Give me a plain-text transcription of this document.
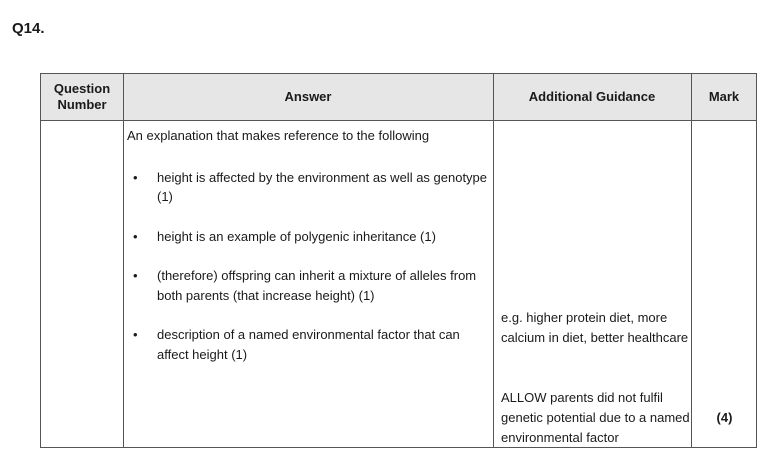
Q14.
Question Number
Answer	Additional Guidance	Mark
An explanation that makes reference to the following
• height is affected by the environment as well as genotype (1)
• height is an example of polygenic inheritance (1)
• (therefore) offspring can inherit a mixture of alleles from both parents (that increase height) (1)
• description of a named environmental factor that can affect height (1)
e.g. higher protein diet, more calcium in diet, better healthcare
ALLOW parents did not fulfil genetic potential due to a named environmental factor
(4)
